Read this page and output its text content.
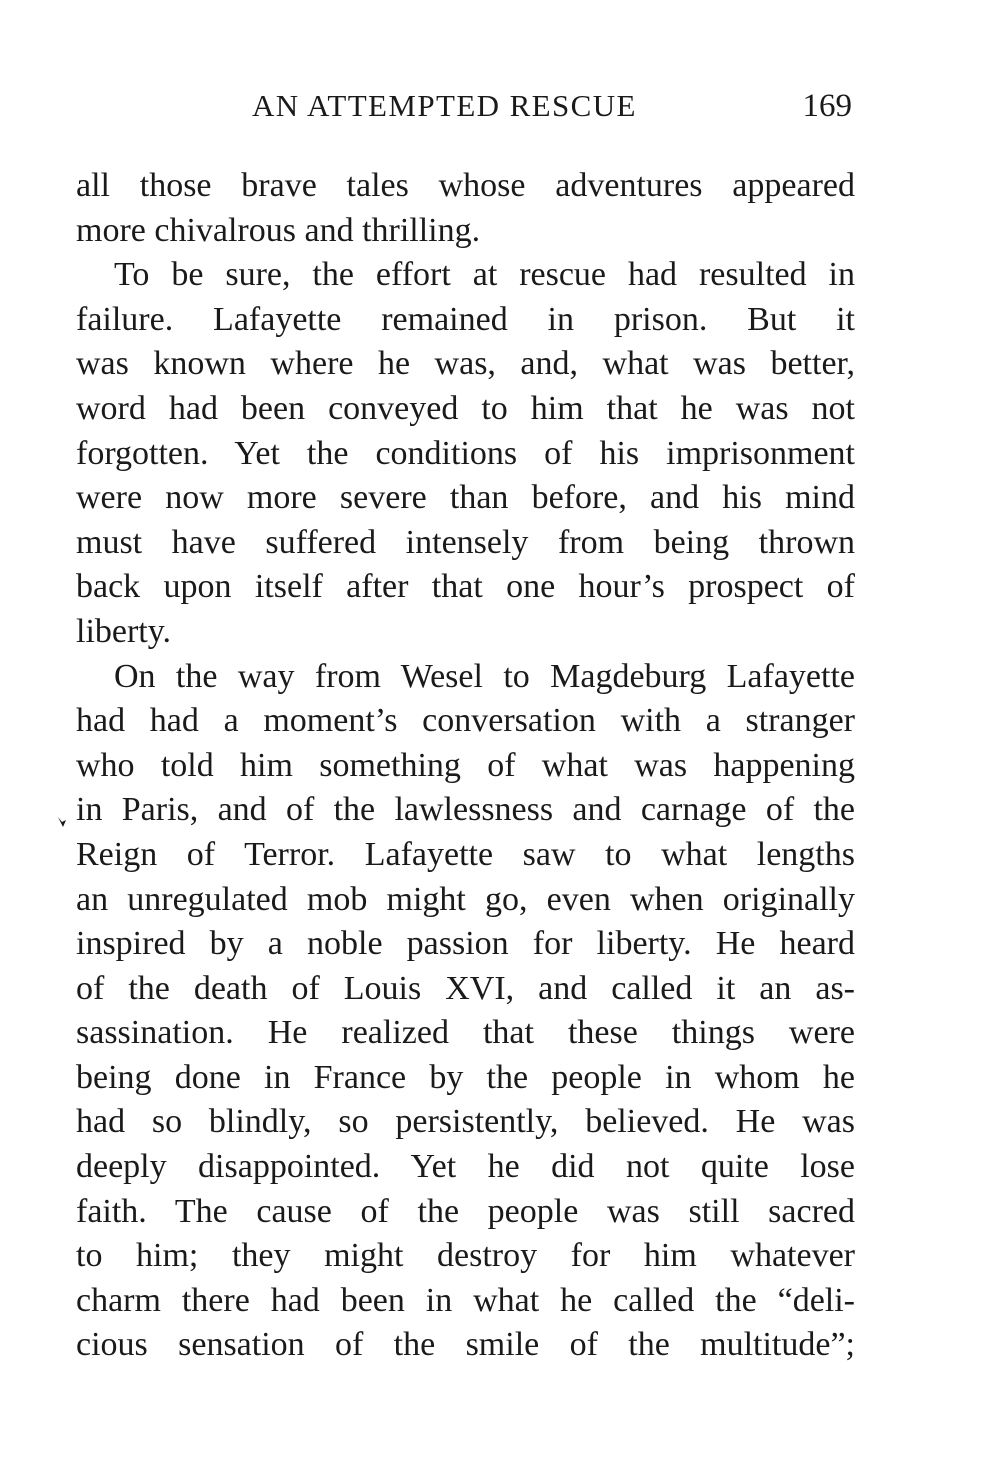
AN ATTEMPTED RESCUE	169
all those brave tales whose adventures appeared
more chivalrous and thrilling.
To be sure, the effort at rescue had resulted in
failure. Lafayette remained in prison. But it
was known where he was, and, what was better,
word had been conveyed to him that he was not
forgotten. Yet the conditions of his imprisonment
were now more severe than before, and his mind
must have suffered intensely from being thrown
back upon itself after that one hour’s prospect of
liberty.
On the way from Wesel to Magdeburg Lafayette
had had a moment’s conversation with a stranger
who told him something of what was happening
in Paris, and of the lawlessness and carnage of the
Reign of Terror. Lafayette saw to what lengths
an unregulated mob might go, even when originally
inspired by a noble passion for liberty. He heard
of the death of Louis XVI, and called it an as-
sassination. He realized that these things were
being done in France by the people in whom he
had so blindly, so persistently, believed. He was
deeply disappointed. Yet he did not quite lose
faith. The cause of the people was still sacred
to him; they might destroy for him whatever
charm there had been in what he called the “deli-
cious sensation of the smile of the multitude”;
